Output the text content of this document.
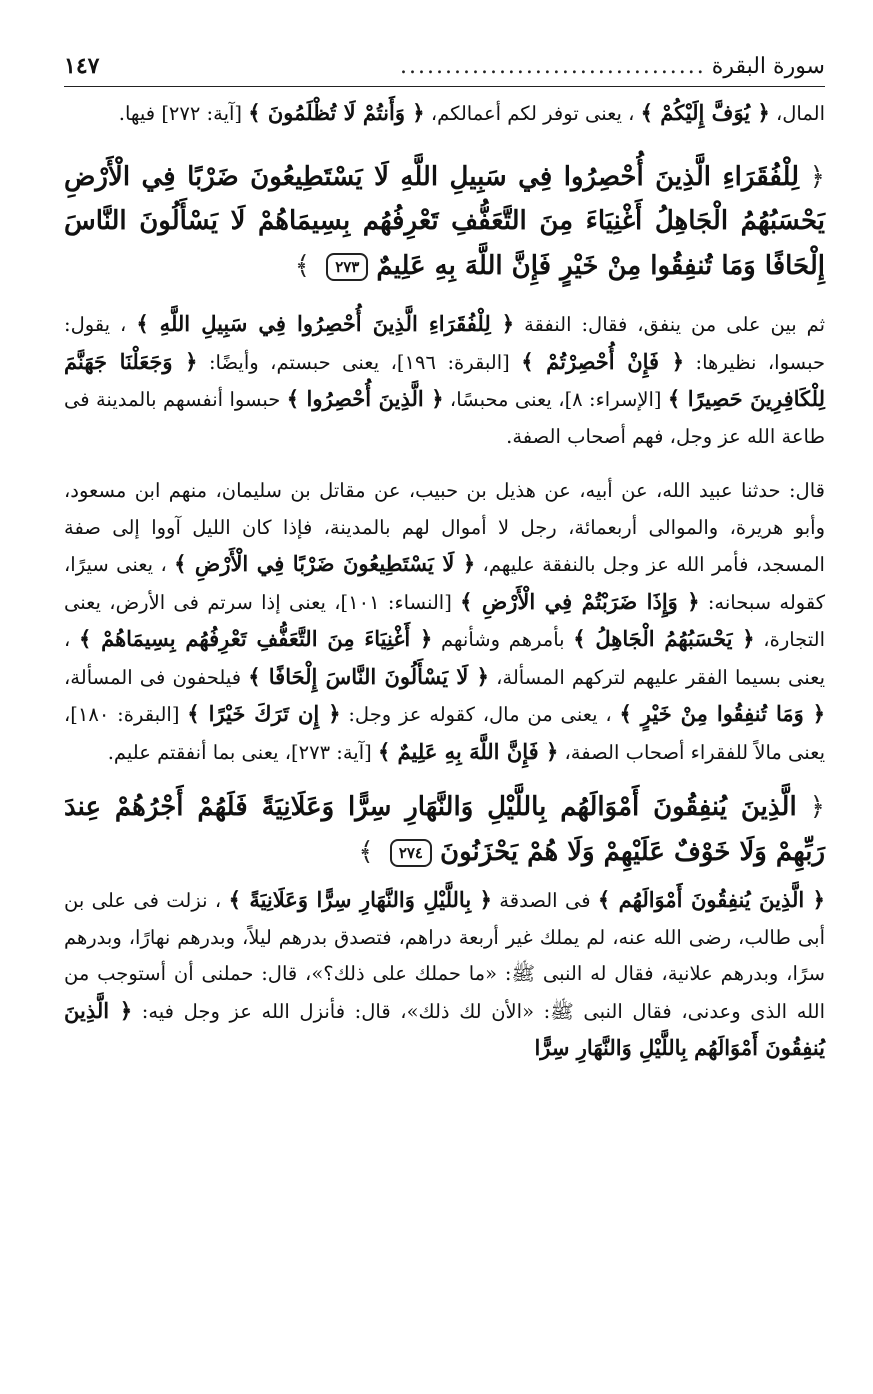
سورة البقرة
..................................
١٤٧

المال، ﴿ يُوَفَّ إِلَيْكُمْ ﴾ ، يعنى توفر لكم أعمالكم، ﴿ وَأَنتُمْ لَا تُظْلَمُونَ ﴾ [آية: ٢٧٢] فيها.

﴿ لِلْفُقَرَاءِ الَّذِينَ أُحْصِرُوا فِي سَبِيلِ اللَّهِ لَا يَسْتَطِيعُونَ ضَرْبًا فِي الْأَرْضِ يَحْسَبُهُمُ الْجَاهِلُ أَغْنِيَاءَ مِنَ التَّعَفُّفِ تَعْرِفُهُم بِسِيمَاهُمْ لَا يَسْأَلُونَ النَّاسَ إِلْحَافًا وَمَا تُنفِقُوا مِنْ خَيْرٍ فَإِنَّ اللَّهَ بِهِ عَلِيمٌ٢٧٣ ﴾

ثم بين على من ينفق، فقال: النفقة ﴿ لِلْفُقَرَاءِ الَّذِينَ أُحْصِرُوا فِي سَبِيلِ اللَّهِ ﴾ ، يقول: حبسوا، نظيرها: ﴿ فَإِنْ أُحْصِرْتُمْ ﴾ [البقرة: ١٩٦]، يعنى حبستم، وأيضًا: ﴿ وَجَعَلْنَا جَهَنَّمَ لِلْكَافِرِينَ حَصِيرًا ﴾ [الإسراء: ٨]، يعنى محبسًا، ﴿ الَّذِينَ أُحْصِرُوا ﴾ حبسوا أنفسهم بالمدينة فى طاعة الله عز وجل، فهم أصحاب الصفة.

قال: حدثنا عبيد الله، عن أبيه، عن هذيل بن حبيب، عن مقاتل بن سليمان، منهم ابن مسعود، وأبو هريرة، والموالى أربعمائة، رجل لا أموال لهم بالمدينة، فإذا كان الليل آووا إلى صفة المسجد، فأمر الله عز وجل بالنفقة عليهم، ﴿ لَا يَسْتَطِيعُونَ ضَرْبًا فِي الْأَرْضِ ﴾ ، يعنى سيرًا، كقوله سبحانه: ﴿ وَإِذَا ضَرَبْتُمْ فِي الْأَرْضِ ﴾ [النساء: ١٠١]، يعنى إذا سرتم فى الأرض، يعنى التجارة، ﴿ يَحْسَبُهُمُ الْجَاهِلُ ﴾ بأمرهم وشأنهم ﴿ أَغْنِيَاءَ مِنَ التَّعَفُّفِ تَعْرِفُهُم بِسِيمَاهُمْ ﴾ ، يعنى بسيما الفقر عليهم لتركهم المسألة، ﴿ لَا يَسْأَلُونَ النَّاسَ إِلْحَافًا ﴾ فيلحفون فى المسألة، ﴿ وَمَا تُنفِقُوا مِنْ خَيْرٍ ﴾ ، يعنى من مال، كقوله عز وجل: ﴿ إِن تَرَكَ خَيْرًا ﴾ [البقرة: ١٨٠]، يعنى مالاً للفقراء أصحاب الصفة، ﴿ فَإِنَّ اللَّهَ بِهِ عَلِيمٌ ﴾ [آية: ٢٧٣]، يعنى بما أنفقتم عليم.

﴿ الَّذِينَ يُنفِقُونَ أَمْوَالَهُم بِاللَّيْلِ وَالنَّهَارِ سِرًّا وَعَلَانِيَةً فَلَهُمْ أَجْرُهُمْ عِندَ رَبِّهِمْ وَلَا خَوْفٌ عَلَيْهِمْ وَلَا هُمْ يَحْزَنُونَ٢٧٤ ﴾

﴿ الَّذِينَ يُنفِقُونَ أَمْوَالَهُم ﴾ فى الصدقة ﴿ بِاللَّيْلِ وَالنَّهَارِ سِرًّا وَعَلَانِيَةً ﴾ ، نزلت فى على بن أبى طالب، رضى الله عنه، لم يملك غير أربعة دراهم، فتصدق بدرهم ليلاً، وبدرهم نهارًا، وبدرهم سرًا، وبدرهم علانية، فقال له النبى ﷺ: «ما حملك على ذلك؟»، قال: حملنى أن أستوجب من الله الذى وعدنى، فقال النبى ﷺ: «الأن لك ذلك»، قال: فأنزل الله عز وجل فيه: ﴿ الَّذِينَ يُنفِقُونَ أَمْوَالَهُم بِاللَّيْلِ وَالنَّهَارِ سِرًّا
